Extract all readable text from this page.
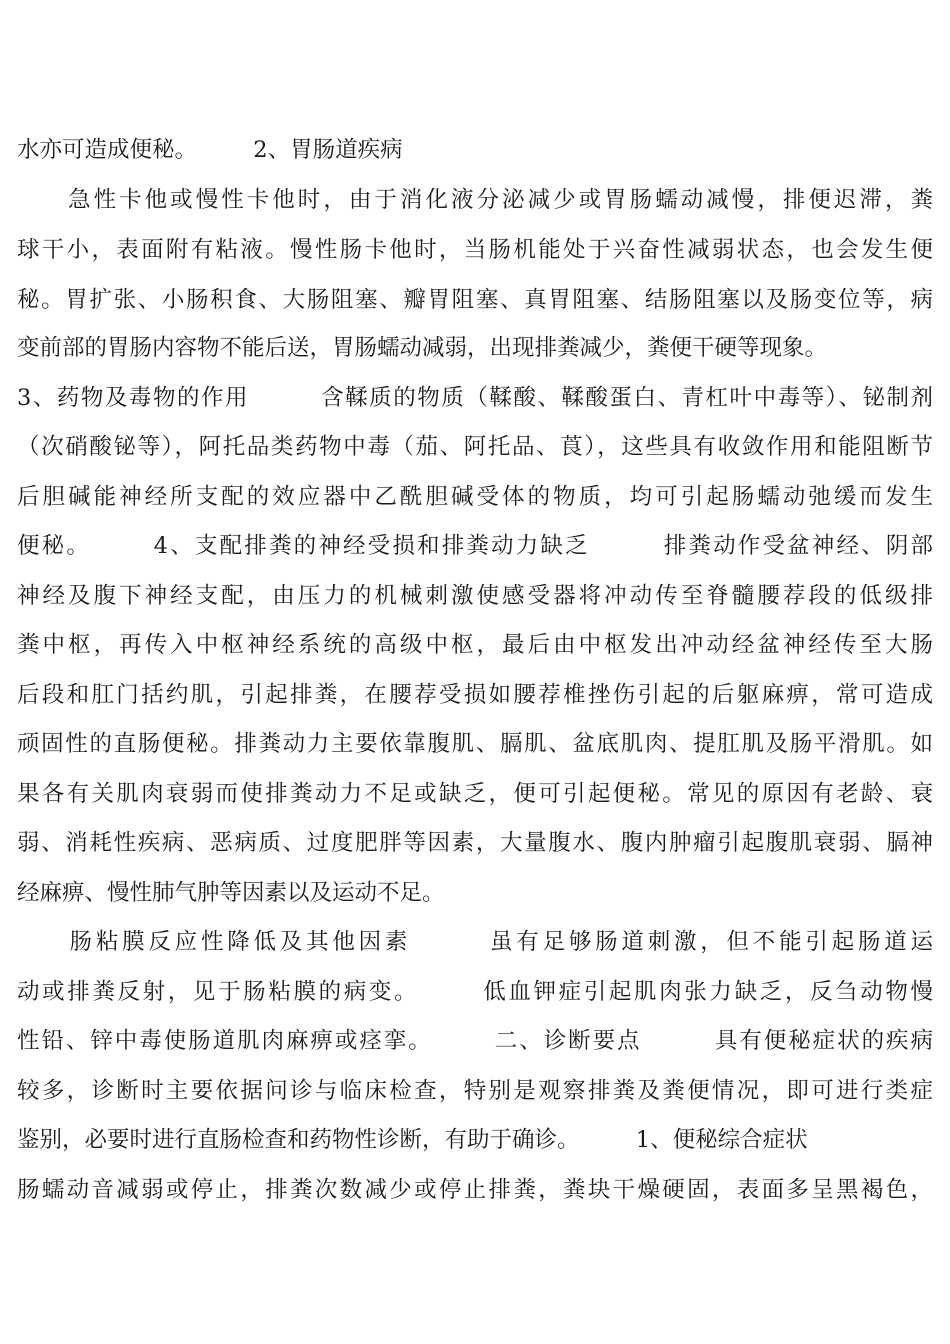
水亦可造成便秘。　　　2、胃肠道疾病
　　急性卡他或慢性卡他时，由于消化液分泌减少或胃肠蠕动减慢，排便迟滞，粪
球干小，表面附有粘液。慢性肠卡他时，当肠机能处于兴奋性减弱状态，也会发生便
秘。胃扩张、小肠积食、大肠阻塞、瓣胃阻塞、真胃阻塞、结肠阻塞以及肠变位等，病
变前部的胃肠内容物不能后送，胃肠蠕动减弱，出现排粪减少，粪便干硬等现象。
3、药物及毒物的作用　　　含鞣质的物质（鞣酸、鞣酸蛋白、青杠叶中毒等）、铋制剂
（次硝酸铋等），阿托品类药物中毒（茄、阿托品、莨），这些具有收敛作用和能阻断节
后胆碱能神经所支配的效应器中乙酰胆碱受体的物质，均可引起肠蠕动弛缓而发生
便秘。　　　4、支配排粪的神经受损和排粪动力缺乏　　　排粪动作受盆神经、阴部
神经及腹下神经支配，由压力的机械刺激使感受器将冲动传至脊髓腰荐段的低级排
粪中枢，再传入中枢神经系统的高级中枢，最后由中枢发出冲动经盆神经传至大肠
后段和肛门括约肌，引起排粪，在腰荐受损如腰荐椎挫伤引起的后躯麻痹，常可造成
顽固性的直肠便秘。排粪动力主要依靠腹肌、膈肌、盆底肌肉、提肛肌及肠平滑肌。如
果各有关肌肉衰弱而使排粪动力不足或缺乏，便可引起便秘。常见的原因有老龄、衰
弱、消耗性疾病、恶病质、过度肥胖等因素，大量腹水、腹内肿瘤引起腹肌衰弱、膈神
经麻痹、慢性肺气肿等因素以及运动不足。
　　肠粘膜反应性降低及其他因素　　　虽有足够肠道刺激，但不能引起肠道运
动或排粪反射，见于肠粘膜的病变。　　　低血钾症引起肌肉张力缺乏，反刍动物慢
性铅、锌中毒使肠道肌肉麻痹或痉挛。　　　二、诊断要点　　　具有便秘症状的疾病
较多，诊断时主要依据问诊与临床检查，特别是观察排粪及粪便情况，即可进行类症
鉴别，必要时进行直肠检查和药物性诊断，有助于确诊。　　　1、便秘综合症状
肠蠕动音减弱或停止，排粪次数减少或停止排粪，粪块干燥硬固，表面多呈黑褐色，
